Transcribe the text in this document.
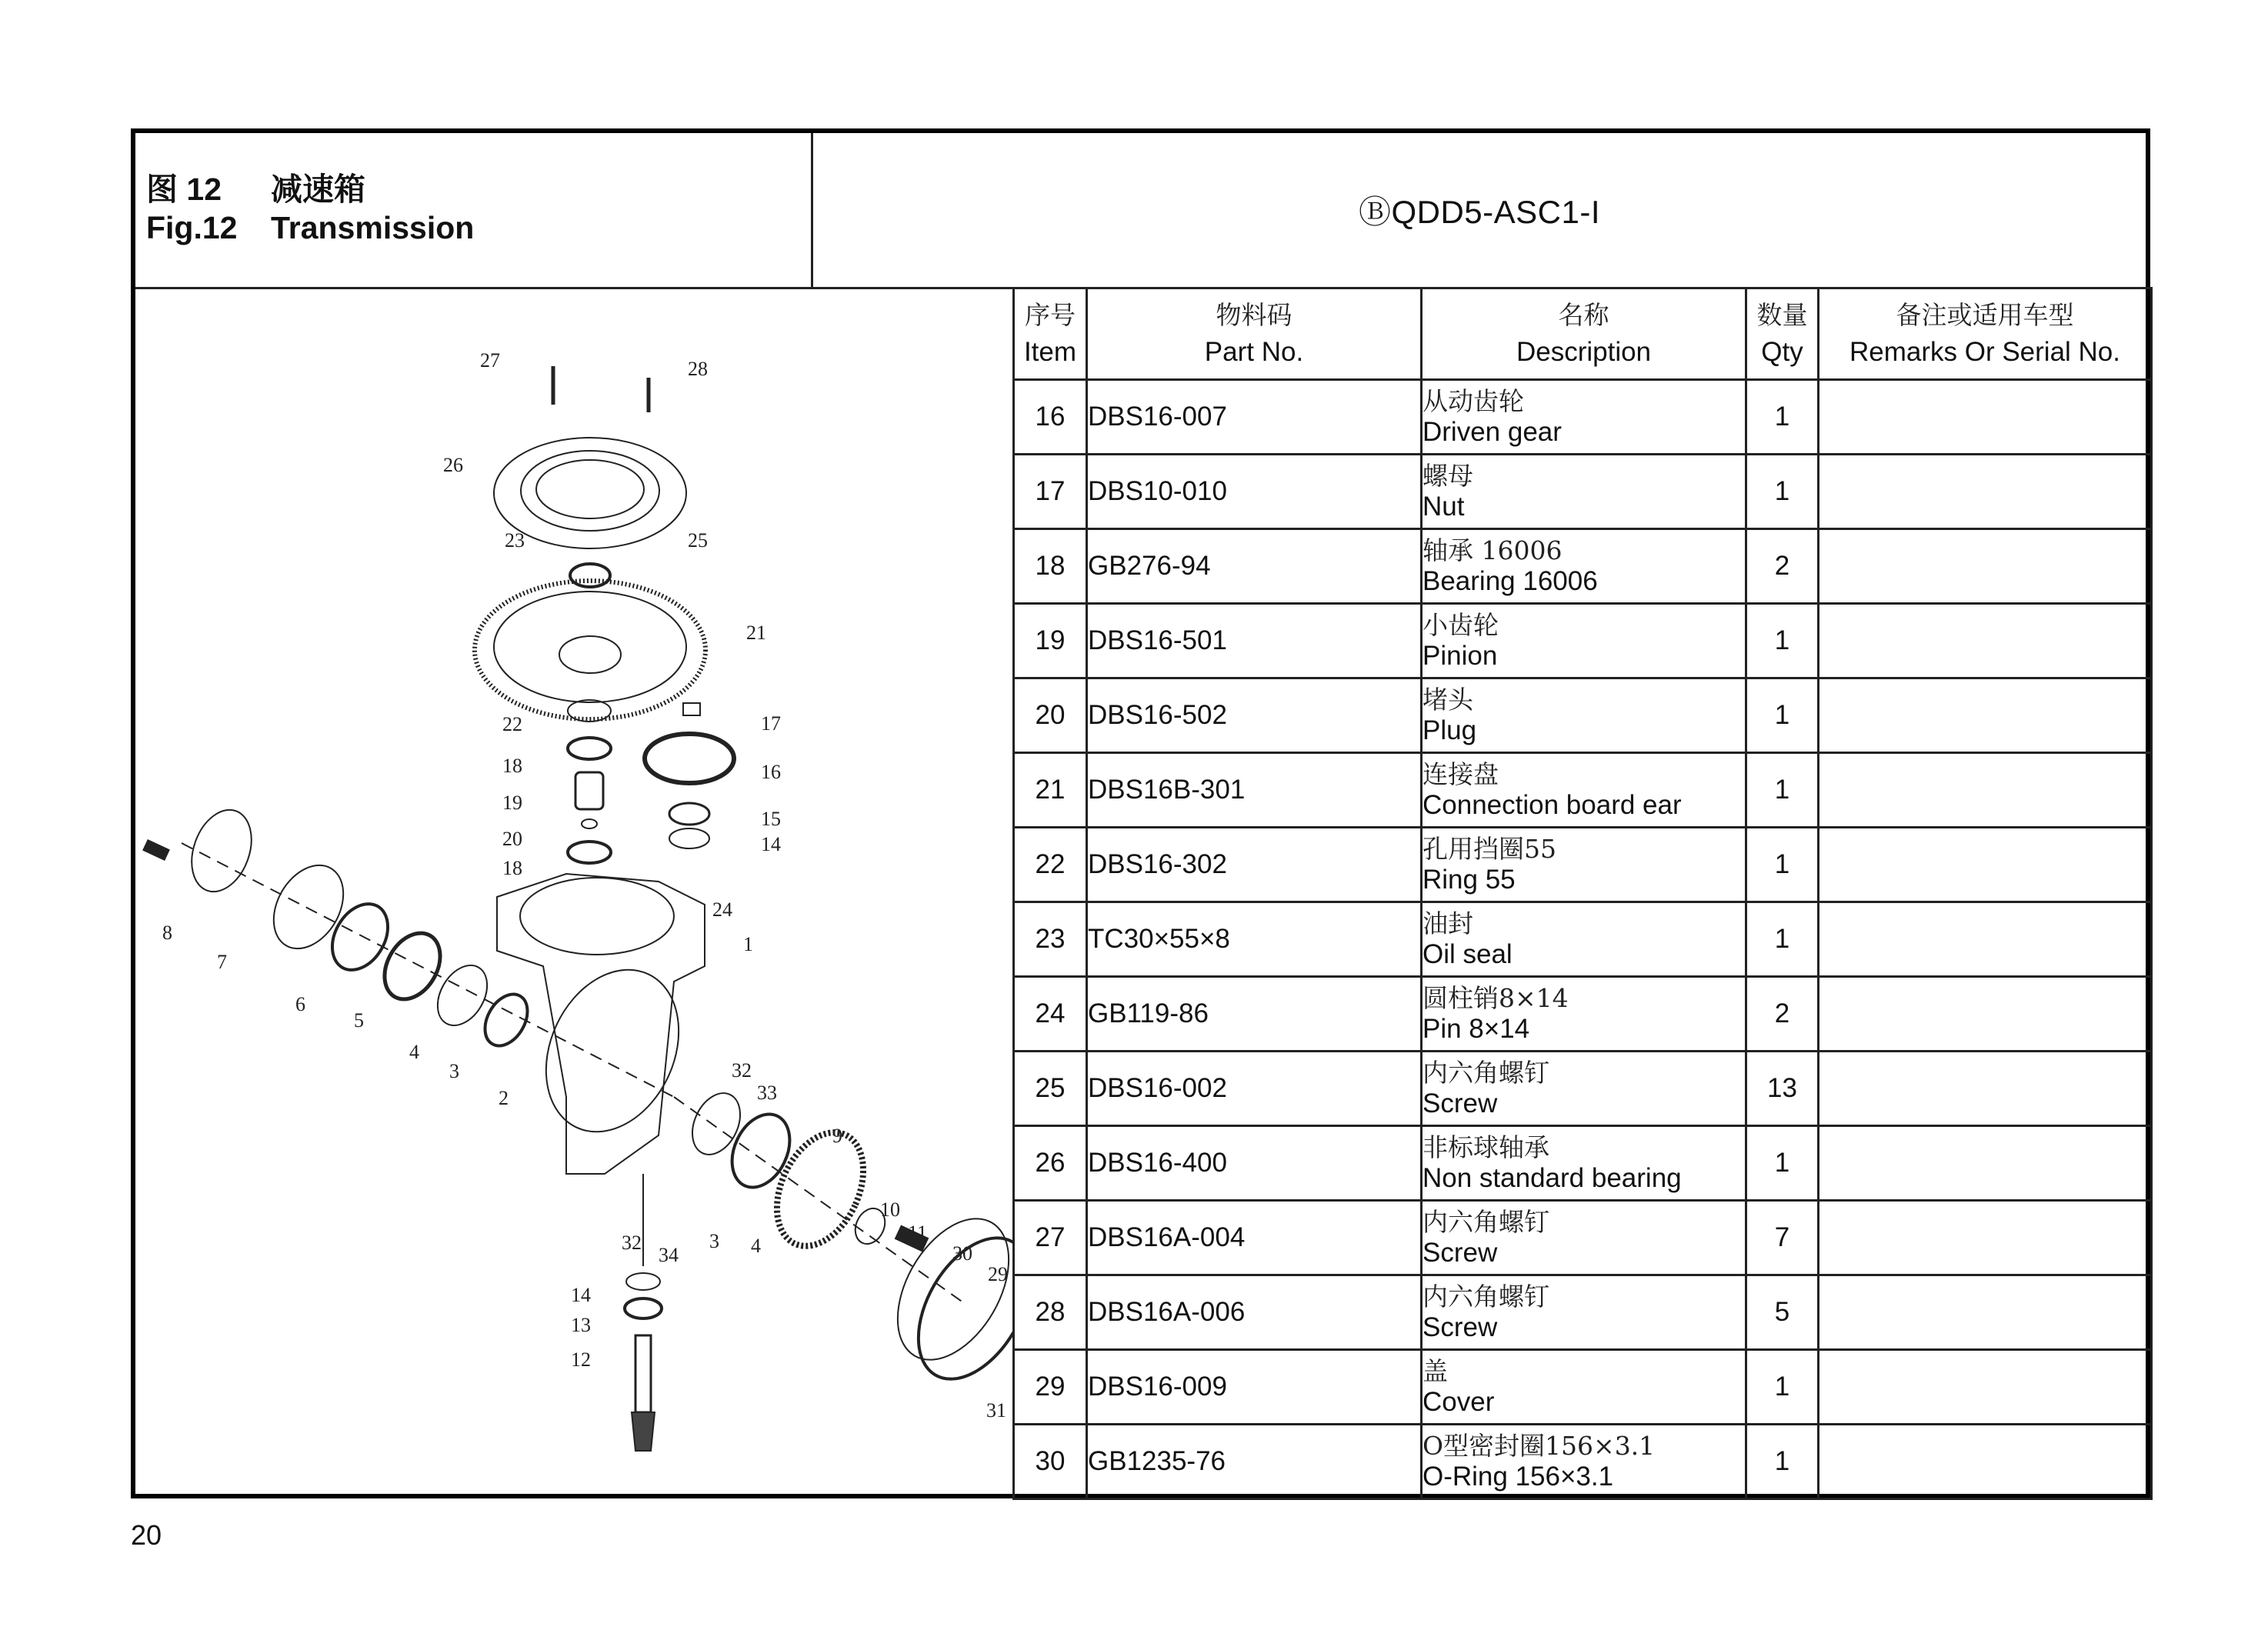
图 12 减速箱
Fig.12 Transmission	ⒷQDD5-ASC1-I
27	28
26
23	25
21
22	17
18	16
19
15
20	14
18
24
1
8
7
6
5
4
3
2
32
33
9
10
11
30
29
32
34
3 4
14
13
12
31
序号
Item

物料码
Part No.

名称
Description

数量
Qty

备注或适用车型
Remarks Or Serial No.

16	DBS16-007	从动齿轮
Driven gear	1	
17	DBS10-010	螺母
Nut	1	
18	GB276-94	轴承 16006
Bearing 16006	2	
19	DBS16-501	小齿轮
Pinion	1	
20	DBS16-502	堵头
Plug	1	
21	DBS16B-301	连接盘
Connection board ear	1	
22	DBS16-302	孔用挡圈55
Ring 55	1	
23	TC30×55×8	油封
Oil seal	1	
24	GB119-86	圆柱销8×14
Pin 8×14	2	
25	DBS16-002	内六角螺钉
Screw	13	
26	DBS16-400	非标球轴承
Non standard bearing	1	
27	DBS16A-004	内六角螺钉
Screw	7	
28	DBS16A-006	内六角螺钉
Screw	5	
29	DBS16-009	盖
Cover	1	
30	GB1235-76	O型密封圈156×3.1
O-Ring 156×3.1	1	
20
